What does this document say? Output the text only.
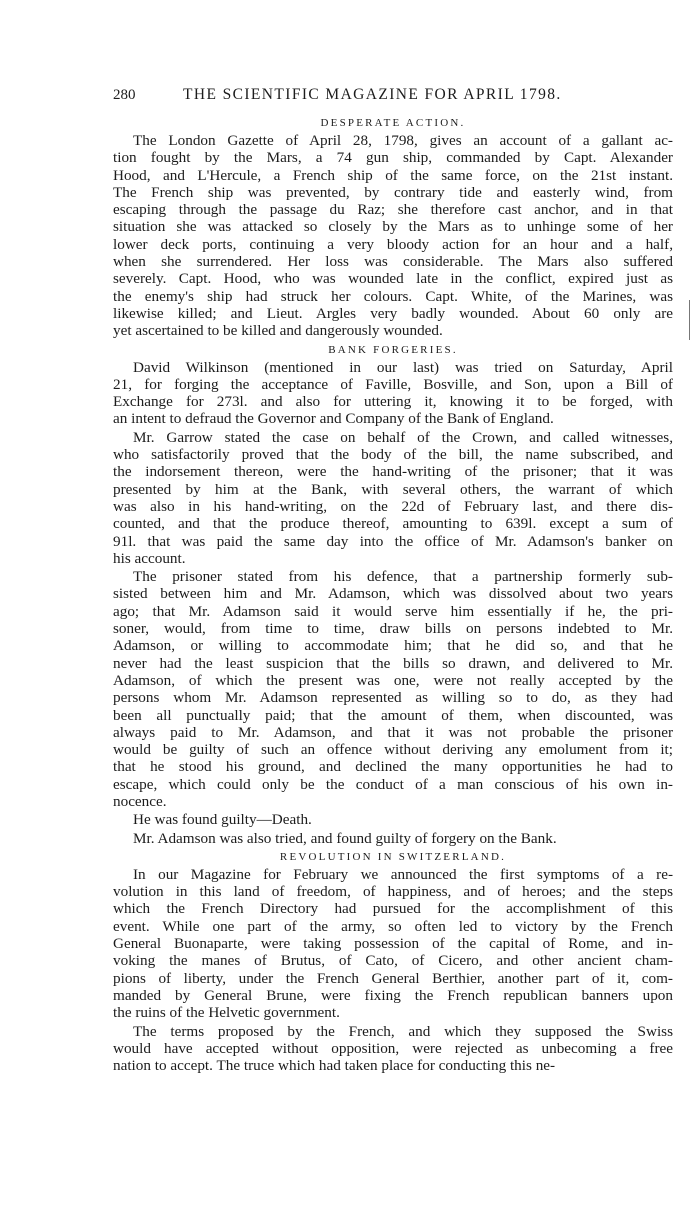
280	THE SCIENTIFIC MAGAZINE FOR APRIL 1798.
DESPERATE ACTION.
The London Gazette of April 28, 1798, gives an account of a gallant ac-
tion fought by the Mars, a 74 gun ship, commanded by Capt. Alexander
Hood, and L'Hercule, a French ship of the same force, on the 21st instant.
The French ship was prevented, by contrary tide and easterly wind, from
escaping through the passage du Raz; she therefore cast anchor, and in that
situation she was attacked so closely by the Mars as to unhinge some of her
lower deck ports, continuing a very bloody action for an hour and a half,
when she surrendered. Her loss was considerable. The Mars also suffered
severely. Capt. Hood, who was wounded late in the conflict, expired just as
the enemy's ship had struck her colours. Capt. White, of the Marines, was
likewise killed; and Lieut. Argles very badly wounded. About 60 only are
yet ascertained to be killed and dangerously wounded.
BANK FORGERIES.
David Wilkinson (mentioned in our last) was tried on Saturday, April
21, for forging the acceptance of Faville, Bosville, and Son, upon a Bill of
Exchange for 273l. and also for uttering it, knowing it to be forged, with
an intent to defraud the Governor and Company of the Bank of England.
Mr. Garrow stated the case on behalf of the Crown, and called witnesses,
who satisfactorily proved that the body of the bill, the name subscribed, and
the indorsement thereon, were the hand-writing of the prisoner; that it was
presented by him at the Bank, with several others, the warrant of which
was also in his hand-writing, on the 22d of February last, and there dis-
counted, and that the produce thereof, amounting to 639l. except a sum of
91l. that was paid the same day into the office of Mr. Adamson's banker on
his account.
The prisoner stated from his defence, that a partnership formerly sub-
sisted between him and Mr. Adamson, which was dissolved about two years
ago; that Mr. Adamson said it would serve him essentially if he, the pri-
soner, would, from time to time, draw bills on persons indebted to Mr.
Adamson, or willing to accommodate him; that he did so, and that he
never had the least suspicion that the bills so drawn, and delivered to Mr.
Adamson, of which the present was one, were not really accepted by the
persons whom Mr. Adamson represented as willing so to do, as they had
been all punctually paid; that the amount of them, when discounted, was
always paid to Mr. Adamson, and that it was not probable the prisoner
would be guilty of such an offence without deriving any emolument from it;
that he stood his ground, and declined the many opportunities he had to
escape, which could only be the conduct of a man conscious of his own in-
nocence.
He was found guilty—Death.
Mr. Adamson was also tried, and found guilty of forgery on the Bank.
REVOLUTION IN SWITZERLAND.
In our Magazine for February we announced the first symptoms of a re-
volution in this land of freedom, of happiness, and of heroes; and the steps
which the French Directory had pursued for the accomplishment of this
event. While one part of the army, so often led to victory by the French
General Buonaparte, were taking possession of the capital of Rome, and in-
voking the manes of Brutus, of Cato, of Cicero, and other ancient cham-
pions of liberty, under the French General Berthier, another part of it, com-
manded by General Brune, were fixing the French republican banners upon
the ruins of the Helvetic government.
The terms proposed by the French, and which they supposed the Swiss
would have accepted without opposition, were rejected as unbecoming a free
nation to accept. The truce which had taken place for conducting this ne-
